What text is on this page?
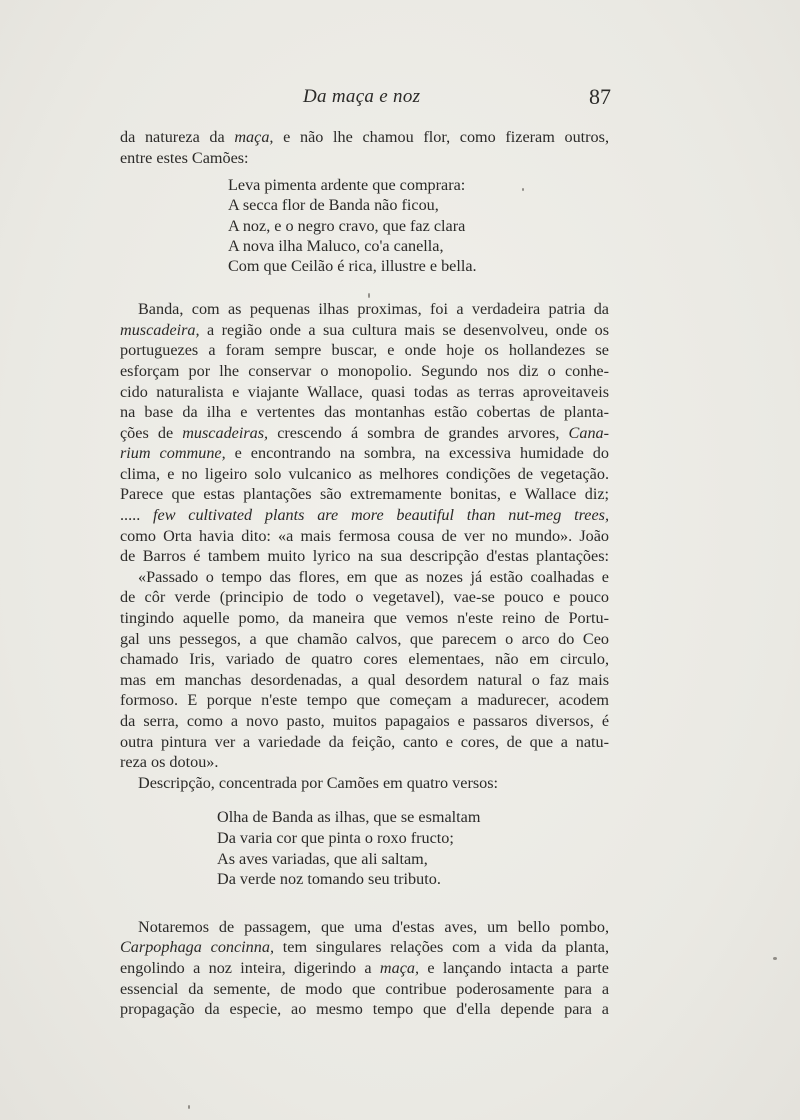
Da maça e noz	87
da natureza da maça, e não lhe chamou flor, como fizeram outros,
entre estes Camões:
Leva pimenta ardente que comprara:
A secca flor de Banda não ficou,
A noz, e o negro cravo, que faz clara
A nova ilha Maluco, co'a canella,
Com que Ceilão é rica, illustre e bella.
Banda, com as pequenas ilhas proximas, foi a verdadeira patria da
muscadeira, a região onde a sua cultura mais se desenvolveu, onde os
portuguezes a foram sempre buscar, e onde hoje os hollandezes se
esforçam por lhe conservar o monopolio. Segundo nos diz o conhe-
cido naturalista e viajante Wallace, quasi todas as terras aproveitaveis
na base da ilha e vertentes das montanhas estão cobertas de planta-
ções de muscadeiras, crescendo á sombra de grandes arvores, Cana-
rium commune, e encontrando na sombra, na excessiva humidade do
clima, e no ligeiro solo vulcanico as melhores condições de vegetação.
Parece que estas plantações são extremamente bonitas, e Wallace diz;
..... few cultivated plants are more beautiful than nut-meg trees,
como Orta havia dito: «a mais fermosa cousa de ver no mundo». João
de Barros é tambem muito lyrico na sua descripção d'estas plantações:
«Passado o tempo das flores, em que as nozes já estão coalhadas e
de côr verde (principio de todo o vegetavel), vae-se pouco e pouco
tingindo aquelle pomo, da maneira que vemos n'este reino de Portu-
gal uns pessegos, a que chamão calvos, que parecem o arco do Ceo
chamado Iris, variado de quatro cores elementaes, não em circulo,
mas em manchas desordenadas, a qual desordem natural o faz mais
formoso. E porque n'este tempo que começam a madurecer, acodem
da serra, como a novo pasto, muitos papagaios e passaros diversos, é
outra pintura ver a variedade da feição, canto e cores, de que a natu-
reza os dotou».
Descripção, concentrada por Camões em quatro versos:
Olha de Banda as ilhas, que se esmaltam
Da varia cor que pinta o roxo fructo;
As aves variadas, que ali saltam,
Da verde noz tomando seu tributo.
Notaremos de passagem, que uma d'estas aves, um bello pombo,
Carpophaga concinna, tem singulares relações com a vida da planta,
engolindo a noz inteira, digerindo a maça, e lançando intacta a parte
essencial da semente, de modo que contribue poderosamente para a
propagação da especie, ao mesmo tempo que d'ella depende para a
